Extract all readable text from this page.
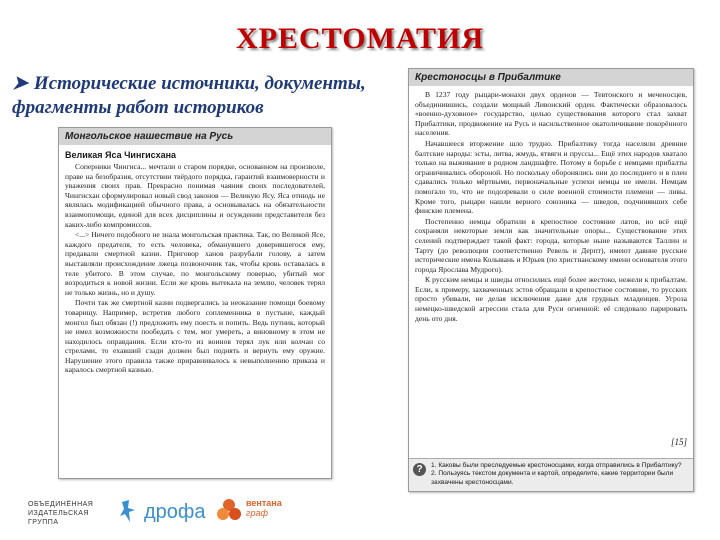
ХРЕСТОМАТИЯ
➤ Исторические источники, документы, фрагменты работ историков
Монгольское нашествие на Русь
Великая Яса Чингисхана

Соперники Чингиса... мечтали о старом порядке, основанном на произволе, праве на безобразия, отсутствии твёрдого порядка, гарантий взаимоверности и уважения своих прав. Прекрасно понимая чаяния своих последователей, Чингисхан сформулировал новый свод законов — Великую Ясу. Яса отнюдь не являлась модификацией обычного права, а основывалась на обязательности взаимопомощи, единой для всех дисциплины и осуждении представителя без каких-либо компромиссов.

<...> Ничего подобного не знала монгольская практика. Так, по Великой Ясе, каждого предателя, то есть человека, обманувшего доверившегося ему, предавали смертной казни. Приговор ханов разрубали голову, а затем выставляли происхождение лжеца позвоночник так, чтобы кровь оставалась в теле убитого. В этом случае, по монгольскому поверью, убитый мог возродиться к новой жизни. Если же кровь вытекала на землю, человек терял не только жизнь, но и душу.

Почти так же смертной казни подвергались за неоказание помощи боевому товарищу. Например, встретив любого соплеменника в пустыне, каждый монгол был обязан (!) предложить ему поесть и попить. Ведь путник, который не имел возможности пообедать с тем, мог умереть, а виновному в этом не находилось оправдания. Если кто-то из воинов терял лук или колчан со стрелами, то ехавший сзади должен был поднять и вернуть ему оружие. Нарушение этого правила также приравнивалось к невыполнению приказа и каралось смертной казнью.

Крестоносцы в Прибалтике

В 1237 году рыцари-монахи двух орденов — Тевтонского и меченосцев, объединившись, создали мощный Ливонский орден. Фактически образовалось «военно-духовное» государство, целью существования которого стал захват Прибалтики, продвижение на Русь и насильственное окатоличивание покорённого населения.

Начавшееся вторжение шло трудно. Прибалтику тогда населяли древние балтские народы: эсты, литва, жмудь, ятвяги и пруссы... Ещё этих народов хватало только на выживание в родном ландшафте. Потому в борьбе с немцами прибалты ограничивались обороной. Но поскольку оборонялись они до последнего и в плен сдавались только мёртвыми, первоначальные успехи немцы не имели. Немцам помогало то, что не подозревали о силе военной стоимости племени — ливы. Кроме того, рыцари нашли верного союзника — шведов, подчинявших себе финские племена.

Постепенно немцы обратили в крепостное состояние латов, но всё ещё сохраняли некоторые земли как значительные опоры... Существование этих селений подтверждает такой факт: города, которые ныне называются Таллин и Тарту (до революции соответственно Ревель и Дерпт), имеют давние русские исторические имена Колывань и Юрьев (по христианскому имени основателя этого города Ярослава Мудрого).

К русским немцы и шведы относились ещё более жестоко, нежели к прибалтам. Если, к примеру, захваченных эстов обращали в крепостное состояние, то русских просто убивали, не делая исключения даже для грудных младенцев. Угроза немецко-шведской агрессии стала для Руси огненной: её следовало парировать день ото дня.

[15]
?	1. Каковы были преследуемые крестоносцами, когда отправились в Прибалтику?

2. Пользуясь текстом документа и картой, определите, какие территории были захвачены крестоносцами.

ОБЪЕДИНЁННАЯ ИЗДАТЕЛЬСКАЯ ГРУППА	дрофа	вентана
граф
